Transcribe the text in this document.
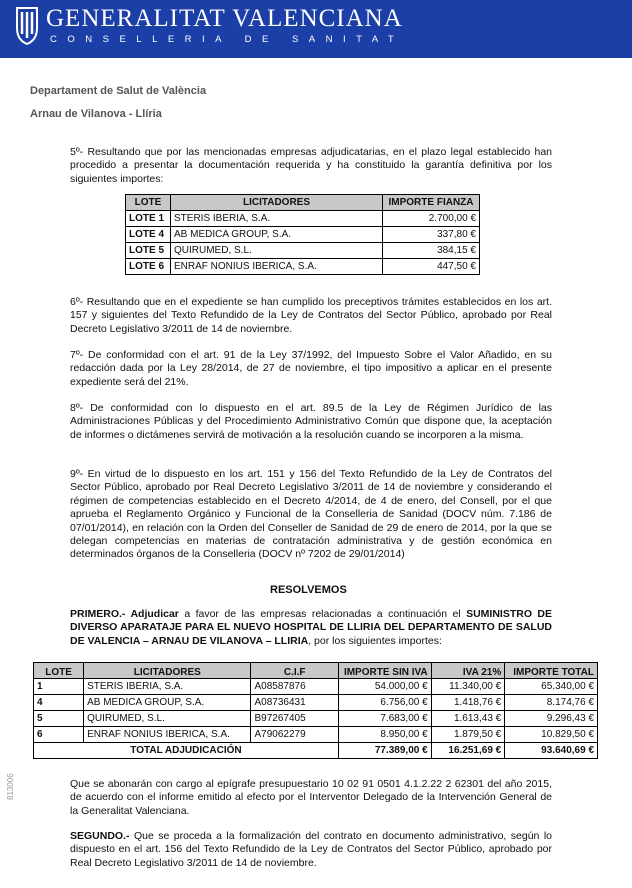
GENERALITAT VALENCIANA
CONSELLERIA DE SANITAT
Departament de Salut de València
Arnau de Vilanova - Llíria
5º- Resultando que por las mencionadas empresas adjudicatarias, en el plazo legal establecido han procedido a presentar la documentación requerida y ha constituido la garantía definitiva por los siguientes importes:
LOTE	LICITADORES	IMPORTE FIANZA
LOTE 1	STERIS IBERIA, S.A.	2.700,00 €
LOTE 4	AB MEDICA GROUP, S.A.	337,80 €
LOTE 5	QUIRUMED, S.L.	384,15 €
LOTE 6	ENRAF NONIUS IBERICA, S.A.	447,50 €
6º- Resultando que en el expediente se han cumplido los preceptivos trámites establecidos en los art. 157 y siguientes del Texto Refundido de la Ley de Contratos del Sector Público, aprobado por Real Decreto Legislativo 3/2011 de 14 de noviembre.
7º- De conformidad con el art. 91 de la Ley 37/1992, del Impuesto Sobre el Valor Añadido, en su redacción dada por la Ley 28/2014, de 27 de noviembre, el tipo impositivo a aplicar en el presente expediente será del 21%.
8º- De conformidad con lo dispuesto en el art. 89.5 de la Ley de Régimen Jurídico de las Administraciones Públicas y del Procedimiento Administrativo Común que dispone que, la aceptación de informes o dictámenes servirá de motivación a la resolución cuando se incorporen a la misma.
9º- En virtud de lo dispuesto en los art. 151 y 156 del Texto Refundido de la Ley de Contratos del Sector Público, aprobado por Real Decreto Legislativo 3/2011 de 14 de noviembre y considerando el régimen de competencias establecido en el Decreto 4/2014, de 4 de enero, del Consell, por el que aprueba el Reglamento Orgánico y Funcional de la Conselleria de Sanidad (DOCV núm. 7.186 de 07/01/2014), en relación con la Orden del Conseller de Sanidad de 29 de enero de 2014, por la que se delegan competencias en materias de contratación administrativa y de gestión económica en determinados órganos de la Conselleria (DOCV nº 7202 de 29/01/2014)
RESOLVEMOS
PRIMERO.- Adjudicar a favor de las empresas relacionadas a continuación el SUMINISTRO DE DIVERSO APARATAJE PARA EL NUEVO HOSPITAL DE LLIRIA DEL DEPARTAMENTO DE SALUD DE VALENCIA – ARNAU DE VILANOVA – LLIRIA, por los siguientes importes:
LOTE	LICITADORES	C.I.F	IMPORTE SIN IVA	IVA 21%	IMPORTE TOTAL
1	STERIS IBERIA, S.A.	A08587876	54.000,00 €	11.340,00 €	65.340,00 €
4	AB MEDICA GROUP, S.A.	A08736431	6.756,00 €	1.418,76 €	8.174,76 €
5	QUIRUMED, S.L.	B97267405	7.683,00 €	1.613,43 €	9.296,43 €
6	ENRAF NONIUS IBERICA, S.A.	A79062279	8.950,00 €	1.879,50 €	10.829,50 €
TOTAL ADJUDICACIÓN			77.389,00 €	16.251,69 €	93.640,69 €
Que se abonarán con cargo al epígrafe presupuestario 10 02 91 0501 4.1.2.22 2 62301 del año 2015, de acuerdo con el informe emitido al efecto por el Interventor Delegado de la Intervención General de la Generalitat Valenciana.
SEGUNDO.- Que se proceda a la formalización del contrato en documento administrativo, según lo dispuesto en el art. 156 del Texto Refundido de la Ley de Contratos del Sector Público, aprobado por Real Decreto Legislativo 3/2011 de 14 de noviembre.
813006
